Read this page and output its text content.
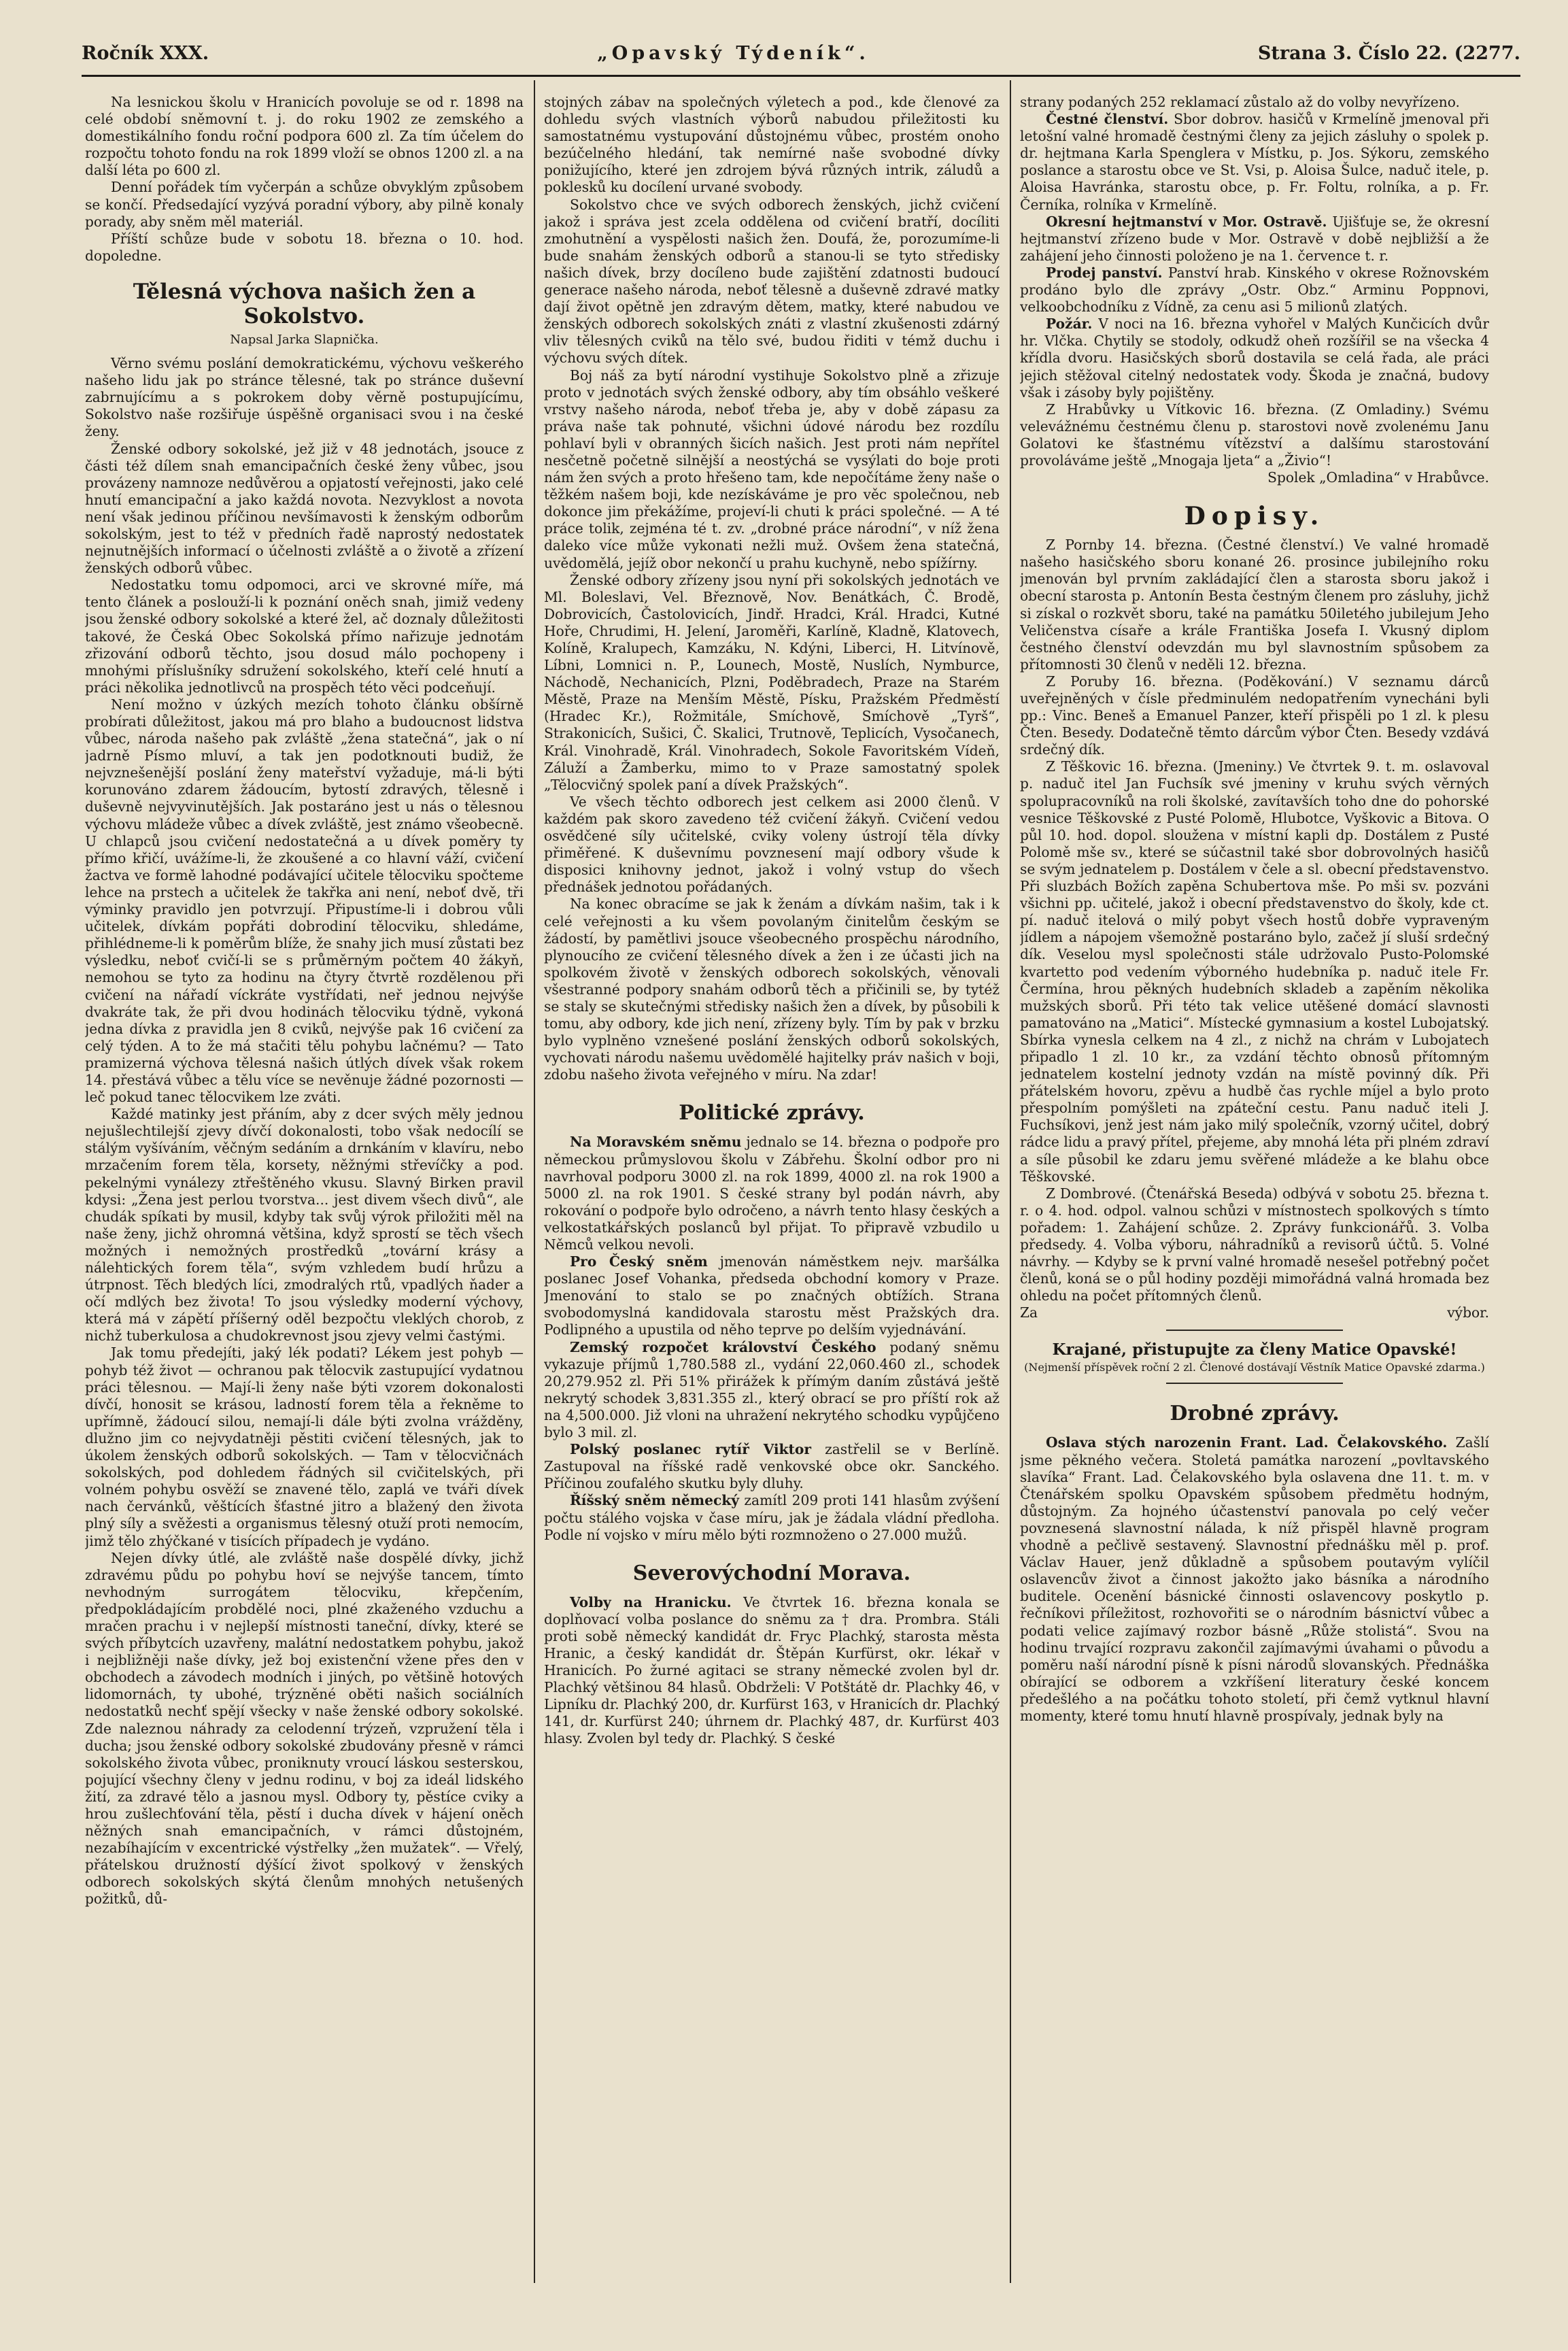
Ročník XXX.	„Opavský Týdeník“.	Strana 3. Číslo 22. (2277.

Na lesnickou školu v Hranicích povoluje se od r. 1898 na celé období sněmovní t. j. do roku 1902 ze zemského a domestikálního fondu roční podpora 600 zl. Za tím účelem do rozpočtu tohoto fondu na rok 1899 vloží se obnos 1200 zl. a na další léta po 600 zl.

Denní pořádek tím vyčerpán a schůze obvyklým způsobem se končí. Předsedající vyzývá poradní výbory, aby pilně konaly porady, aby sněm měl materiál.

Příští schůze bude v sobotu 18. března o 10. hod. dopoledne.

Tělesná výchova našich žen a Sokolstvo.
Napsal Jarka Slapnička.

Věrno svému poslání demokratickému, výchovu veškerého našeho lidu jak po stránce tělesné, tak po stránce duševní zabrnujícímu a s pokrokem doby věrně postupujícímu, Sokolstvo naše rozšiřuje úspěšně organisaci svou i na české ženy.

Ženské odbory sokolské, jež již v 48 jednotách, jsouce z části též dílem snah emancipačních české ženy vůbec, jsou provázeny namnoze nedůvěrou a opjatostí veřejnosti, jako celé hnutí emancipační a jako každá novota. Nezvyklost a novota není však jedinou příčinou nevšímavosti k ženským odborům sokolským, jest to též v předních řadě naprostý nedostatek nejnutnějších informací o účelnosti zvláště a o životě a zřízení ženských odborů vůbec.

Nedostatku tomu odpomoci, arci ve skrovné míře, má tento článek a poslouží-li k poznání oněch snah, jimiž vedeny jsou ženské odbory sokolské a které žel, ač doznaly důležitosti takové, že Česká Obec Sokolská přímo nařizuje jednotám zřizování odborů těchto, jsou dosud málo pochopeny i mnohými příslušníky sdružení sokolského, kteří celé hnutí a práci několika jednotlivců na prospěch této věci podceňují.

Není možno v úzkých mezích tohoto článku obšírně probírati důležitost, jakou má pro blaho a budoucnost lidstva vůbec, národa našeho pak zvláště „žena statečná“, jak o ní jadrně Písmo mluví, a tak jen podotknouti budiž, že nejvznešenější poslání ženy mateřství vyžaduje, má-li býti korunováno zdarem žádoucím, bytostí zdravých, tělesně i duševně nejvyvinutějších. Jak postaráno jest u nás o tělesnou výchovu mládeže vůbec a dívek zvláště, jest známo všeobecně. U chlapců jsou cvičení nedostatečná a u dívek poměry ty přímo křičí, uvážíme-li, že zkoušené a co hlavní váží, cvičení žactva ve formě lahodné podávající učitele tělocviku spočteme lehce na prstech a učitelek že takřka ani není, neboť dvě, tři výminky pravidlo jen potvrzují. Připustíme-li i dobrou vůli učitelek, dívkám popřáti dobrodiní tělocviku, shledáme, přihlédneme-li k poměrům blíže, že snahy jich musí zůstati bez výsledku, neboť cvičí-li se s průměrným počtem 40 žákyň, nemohou se tyto za hodinu na čtyry čtvrtě rozdělenou při cvičení na nářadí víckráte vystřídati, neř jednou nejvýše dvakráte tak, že při dvou hodinách tělocviku týdně, vykoná jedna dívka z pravidla jen 8 cviků, nejvýše pak 16 cvičení za celý týden. A to že má stačiti tělu pohybu lačnému? — Tato pramizerná výchova tělesná našich útlých dívek však rokem 14. přestává vůbec a tělu více se nevěnuje žádné pozornosti — leč pokud tanec tělocvikem lze zváti.

Každé matinky jest přáním, aby z dcer svých měly jednou nejušlechtilejší zjevy dívčí dokonalosti, tobo však nedocílí se stálým vyšíváním, věčným sedáním a drnkáním v klavíru, nebo mrzačením forem těla, korsety, něžnými střevíčky a pod. pekelnými vynálezy ztřeštěného vkusu. Slavný Birken pravil kdysi: „Žena jest perlou tvorstva... jest divem všech divů“, ale chudák spíkati by musil, kdyby tak svůj výrok přiložiti měl na naše ženy, jichž ohromná většina, když sprostí se těch všech možných i nemožných prostředků „tovární krásy a nálehtických forem těla“, svým vzhledem budí hrůzu a útrpnost. Těch bledých líci, zmodralých rtů, vpadlých ňader a očí mdlých bez života! To jsou výsledky moderní výchovy, která má v zápětí příšerný oděl bezpočtu vleklých chorob, z nichž tuberkulosa a chudokrevnost jsou zjevy velmi častými.

Jak tomu předejíti, jaký lék podati? Lékem jest pohyb — pohyb též život — ochranou pak tělocvik zastupující vydatnou práci tělesnou. — Mají-li ženy naše býti vzorem dokonalosti dívčí, honosit se krásou, ladností forem těla a řekněme to upřímně, žádoucí silou, nemají-li dále býti zvolna vrážděny, dlužno jim co nejvydatněji pěstiti cvičení tělesných, jak to úkolem ženských odborů sokolských. — Tam v tělocvičnách sokolských, pod dohledem řádných sil cvičitelských, při volném pohybu osvěží se znavené tělo, zaplá ve tváři dívek nach červánků, věštících šťastné jitro a blažený den života plný síly a svěžesti a organismus tělesný otuží proti nemocím, jimž tělo zhýčkané v tisících případech je vydáno.

Nejen dívky útlé, ale zvláště naše dospělé dívky, jichž zdravému půdu po pohybu hoví se nejvýše tancem, tímto nevhodným surrogátem tělocviku, křepčením, předpokládajícím probdělé noci, plné zkaženého vzduchu a mračen prachu i v nejlepší místnosti taneční, dívky, které se svých příbytcích uzavřeny, malátní nedostatkem pohybu, jakož i nejbližněji naše dívky, jež boj existenční vžene přes den v obchodech a závodech modních i jiných, po většině hotových lidomornách, ty ubohé, trýzněné oběti našich sociálních nedostatků nechť spějí všecky v naše ženské odbory sokolské. Zde naleznou náhrady za celodenní trýzeň, vzpružení těla i ducha; jsou ženské odbory sokolské zbudovány přesně v rámci sokolského života vůbec, proniknuty vroucí láskou sesterskou, pojující všechny členy v jednu rodinu, v boj za ideál lidského žití, za zdravé tělo a jasnou mysl. Odbory ty, pěstíce cviky a hrou zušlechťování těla, pěstí i ducha dívek v hájení oněch něžných snah emancipačních, v rámci důstojném, nezabíhajícím v excentrické výstřelky „žen mužatek“. — Vřelý, přátelskou družností dýšící život spolkový v ženských odborech sokolských skýtá členům mnohých netušených požitků, dů-

stojných zábav na společných výletech a pod., kde členové za dohledu svých vlastních výborů nabudou přiležitosti ku samostatnému vystupování důstojnému vůbec, prostém onoho bezúčelného hledání, tak nemírné naše svobodné dívky ponižujícího, které jen zdrojem bývá různých intrik, záludů a poklesků ku docílení urvané svobody.

Sokolstvo chce ve svých odborech ženských, jichž cvičení jakož i správa jest zcela oddělena od cvičení bratří, docíliti zmohutnění a vyspělosti našich žen. Doufá, že, porozumíme-li bude snahám ženských odborů a stanou-li se tyto středisky našich dívek, brzy docíleno bude zajištění zdatnosti budoucí generace našeho národa, neboť tělesně a duševně zdravé matky dají život opětně jen zdravým dětem, matky, které nabudou ve ženských odborech sokolských znáti z vlastní zkušenosti zdárný vliv tělesných cviků na tělo své, budou řiditi v témž duchu i výchovu svých dítek.

Boj náš za bytí národní vystihuje Sokolstvo plně a zřizuje proto v jednotách svých ženské odbory, aby tím obsáhlo veškeré vrstvy našeho národa, neboť třeba je, aby v době zápasu za práva naše tak pohnuté, všichni údové národu bez rozdílu pohlaví byli v obranných šicích našich. Jest proti nám nepřítel nesčetně početně silnější a neostýchá se vysýlati do boje proti nám žen svých a proto hřešeno tam, kde nepočítáme ženy naše o těžkém našem boji, kde nezískáváme je pro věc společnou, neb dokonce jim překážíme, projeví-li chuti k práci společné. — A té práce tolik, zejména té t. zv. „drobné práce národní“, v níž žena daleko více může vykonati nežli muž. Ovšem žena statečná, uvědomělá, jejíž obor nekončí u prahu kuchyně, nebo spížírny.

Ženské odbory zřízeny jsou nyní při sokolských jednotách ve Ml. Boleslavi, Vel. Březnově, Nov. Benátkách, Č. Brodě, Dobrovicích, Častolovicích, Jindř. Hradci, Král. Hradci, Kutné Hoře, Chrudimi, H. Jelení, Jaroměři, Karlíně, Kladně, Klatovech, Kolíně, Kralupech, Kamzáku, N. Kdýni, Liberci, H. Litvínově, Líbni, Lomnici n. P., Lounech, Mostě, Nuslích, Nymburce, Náchodě, Nechanicích, Plzni, Poděbradech, Praze na Starém Městě, Praze na Menším Městě, Písku, Pražském Předměstí (Hradec Kr.), Rožmitále, Smíchově, Smíchově „Tyrš“, Strakonicích, Sušici, Č. Skalici, Trutnově, Teplicích, Vysočanech, Král. Vinohradě, Král. Vinohradech, Sokole Favoritském Vídeň, Záluží a Žamberku, mimo to v Praze samostatný spolek „Tělocvičný spolek paní a dívek Pražských“.

Ve všech těchto odborech jest celkem asi 2000 členů. V každém pak skoro zavedeno též cvičení žákyň. Cvičení vedou osvědčené síly učitelské, cviky voleny ústrojí těla dívky přiměřené. K duševnímu povznesení mají odbory všude k disposici knihovny jednot, jakož i volný vstup do všech přednášek jednotou pořádaných.

Na konec obracíme se jak k ženám a dívkám našim, tak i k celé veřejnosti a ku všem povolaným činitelům českým se žádostí, by pamětlivi jsouce všeobecného prospěchu národního, plynoucího ze cvičení tělesného dívek a žen i ze účasti jich na spolkovém životě v ženských odborech sokolských, věnovali všestranné podpory snahám odborů těch a přičinili se, by tytéž se staly se skutečnými středisky našich žen a dívek, by působili k tomu, aby odbory, kde jich není, zřízeny byly. Tím by pak v brzku bylo vyplněno vznešené poslání ženských odborů sokolských, vychovati národu našemu uvědomělé hajitelky práv našich v boji, zdobu našeho života veřejného v míru. Na zdar!

Politické zprávy.

Na Moravském sněmu jednalo se 14. března o podpoře pro německou průmyslovou školu v Zábřehu. Školní odbor pro ni navrhoval podporu 3000 zl. na rok 1899, 4000 zl. na rok 1900 a 5000 zl. na rok 1901. S české strany byl podán návrh, aby rokování o podpoře bylo odročeno, a návrh tento hlasy českých a velkostatkářských poslanců byl přijat. To připravě vzbudilo u Němců velkou nevoli.

Pro Český sněm jmenován náměstkem nejv. maršálka poslanec Josef Vohanka, předseda obchodní komory v Praze. Jmenování to stalo se po značných obtížích. Strana svobodomyslná kandidovala starostu měst Pražských dra. Podlipného a upustila od něho teprve po delším vyjednávání.

Zemský rozpočet království Českého podaný sněmu vykazuje příjmů 1,780.588 zl., vydání 22,060.460 zl., schodek 20,279.952 zl. Při 51% přirážek k přímým daním zůstává ještě nekrytý schodek 3,831.355 zl., který obrací se pro příští rok až na 4,500.000. Již vloni na uhražení nekrytého schodku vypůjčeno bylo 3 mil. zl.

Polský poslanec rytíř Viktor zastřelil se v Berlíně. Zastupoval na říšské radě venkovské obce okr. Sanckého. Příčinou zoufalého skutku byly dluhy.

Říšský sněm německý zamítl 209 proti 141 hlasům zvýšení počtu stálého vojska v čase míru, jak je žádala vládní předloha. Podle ní vojsko v míru mělo býti rozmnoženo o 27.000 mužů.

Severovýchodní Morava.

Volby na Hranicku. Ve čtvrtek 16. března konala se doplňovací volba poslance do sněmu za † dra. Prombra. Stáli proti sobě německý kandidát dr. Fryc Plachký, starosta města Hranic, a český kandidát dr. Štěpán Kurfürst, okr. lékař v Hranicích. Po žurné agitaci se strany německé zvolen byl dr. Plachký většinou 84 hlasů. Obdrželi: V Potštátě dr. Plachky 46, v Lipníku dr. Plachký 200, dr. Kurfürst 163, v Hranicích dr. Plachký 141, dr. Kurfürst 240; úhrnem dr. Plachký 487, dr. Kurfürst 403 hlasy. Zvolen byl tedy dr. Plachký. S české

strany podaných 252 reklamací zůstalo až do volby nevyřízeno.

Čestné členství. Sbor dobrov. hasičů v Krmelíně jmenoval při letošní valné hromadě čestnými členy za jejich zásluhy o spolek p. dr. hejtmana Karla Spenglera v Místku, p. Jos. Sýkoru, zemského poslance a starostu obce ve St. Vsi, p. Aloisa Šulce, naduč itele, p. Aloisa Havránka, starostu obce, p. Fr. Foltu, rolníka, a p. Fr. Černíka, rolníka v Krmelíně.

Okresní hejtmanství v Mor. Ostravě. Ujišťuje se, že okresní hejtmanství zřízeno bude v Mor. Ostravě v době nejbližší a že zahájení jeho činnosti položeno je na 1. července t. r.

Prodej panství. Panství hrab. Kinského v okrese Rožnovském prodáno bylo dle zprávy „Ostr. Obz.“ Arminu Poppnovi, velkoobchodníku z Vídně, za cenu asi 5 milionů zlatých.

Požár. V noci na 16. března vyhořel v Malých Kunčicích dvůr hr. Vlčka. Chytily se stodoly, odkudž oheň rozšířil se na všecka 4 křídla dvoru. Hasičských sborů dostavila se celá řada, ale práci jejich stěžoval citelný nedostatek vody. Škoda je značná, budovy však i zásoby byly pojištěny.

Z Hrabůvky u Vítkovic 16. března. (Z Omladiny.) Svému velevážnému čestnému členu p. starostovi nově zvolenému Janu Golatovi ke šťastnému vítězství a dalšímu starostování provoláváme ještě „Mnogaja ljeta“ a „Živio“!

Spolek „Omladina“ v Hrabůvce.

Dopisy.

Z Pornby 14. března. (Čestné členství.) Ve valné hromadě našeho hasičského sboru konané 26. prosince jubilejního roku jmenován byl prvním zakládající člen a starosta sboru jakož i obecní starosta p. Antonín Besta čestným členem pro zásluhy, jichž si získal o rozkvět sboru, také na památku 50iletého jubilejum Jeho Veličenstva císaře a krále Františka Josefa I. Vkusný diplom čestného členství odevzdán mu byl slavnostním spůsobem za přítomnosti 30 členů v neděli 12. března.

Z Poruby 16. března. (Poděkování.) V seznamu dárců uveřejněných v čísle předminulém nedopatřením vynecháni byli pp.: Vinc. Beneš a Emanuel Panzer, kteří přispěli po 1 zl. k plesu Čten. Besedy. Dodatečně těmto dárcům výbor Čten. Besedy vzdává srdečný dík.

Z Těškovic 16. března. (Jmeniny.) Ve čtvrtek 9. t. m. oslavoval p. naduč itel Jan Fuchsík své jmeniny v kruhu svých věrných spolupracovníků na roli školské, zavítavších toho dne do pohorské vesnice Těškovské z Pusté Polomě, Hlubotce, Vyškovic a Bitova. O půl 10. hod. dopol. sloužena v místní kapli dp. Dostálem z Pusté Polomě mše sv., které se súčastnil také sbor dobrovolných hasičů se svým jednatelem p. Dostálem v čele a sl. obecní představenstvo. Při sluzbách Božích zapěna Schubertova mše. Po mši sv. pozváni všichni pp. učitelé, jakož i obecní představenstvo do školy, kde ct. pí. naduč itelová o milý pobyt všech hostů dobře vypraveným jídlem a nápojem všemožně postaráno bylo, začež jí sluší srdečný dík. Veselou mysl společnosti stále udržovalo Pusto-Polomské kvartetto pod vedením výborného hudebníka p. naduč itele Fr. Čermína, hrou pěkných hudebních skladeb a zapěním několika mužských sborů. Při této tak velice utěšené domácí slavnosti pamatováno na „Matici“. Místecké gymnasium a kostel Lubojatský. Sbírka vynesla celkem na 4 zl., z nichž na chrám v Lubojatech připadlo 1 zl. 10 kr., za vzdání těchto obnosů přítomným jednatelem kostelní jednoty vzdán na místě povinný dík. Při přátelském hovoru, zpěvu a hudbě čas rychle míjel a bylo proto přespolním pomýšleti na zpáteční cestu. Panu naduč iteli J. Fuchsíkovi, jenž jest nám jako milý společník, vzorný učitel, dobrý rádce lidu a pravý přítel, přejeme, aby mnohá léta při plném zdraví a síle působil ke zdaru jemu svěřené mládeže a ke blahu obce Těškovské.

Z Dombrové. (Čtenářská Beseda) odbývá v sobotu 25. března t. r. o 4. hod. odpol. valnou schůzi v místnostech spolkových s tímto pořadem: 1. Zahájení schůze. 2. Zprávy funkcionářů. 3. Volba předsedy. 4. Volba výboru, náhradníků a revisorů účtů. 5. Volné návrhy. — Kdyby se k první valné hromadě nesešel potřebný počet členů, koná se o půl hodiny později mimořádná valná hromada bez ohledu na počet přítomných členů.

Za	výbor.
Krajané, přistupujte za členy Matice Opavské!
(Nejmenší příspěvek roční 2 zl. Členové dostávají Věstník Matice Opavské zdarma.)
Drobné zprávy.

Oslava stých narozenin Frant. Lad. Čelakovského. Zašlí jsme pěkného večera. Stoletá památka narození „povltavského slavíka“ Frant. Lad. Čelakovského byla oslavena dne 11. t. m. v Čtenářském spolku Opavském spůsobem předmětu hodným, důstojným. Za hojného účastenství panovala po celý večer povznesená slavnostní nálada, k níž přispěl hlavně program vhodně a pečlivě sestavený. Slavnostní přednášku měl p. prof. Václav Hauer, jenž důkladně a spůsobem poutavým vylíčil oslavencův život a činnost jakožto jako básníka a národního buditele. Ocenění básnické činnosti oslavencovy poskytlo p. řečníkovi příležitost, rozhovořiti se o národním básnictví vůbec a podati velice zajímavý rozbor básně „Růže stolistá“. Svou na hodinu trvající rozpravu zakončil zajímavými úvahami o původu a poměru naší národní písně k písni národů slovanských. Přednáška obírající se odborem a vzkříšení literatury české koncem předešlého a na počátku tohoto století, při čemž vytknul hlavní momenty, které tomu hnutí hlavně prospívaly, jednak byly na
